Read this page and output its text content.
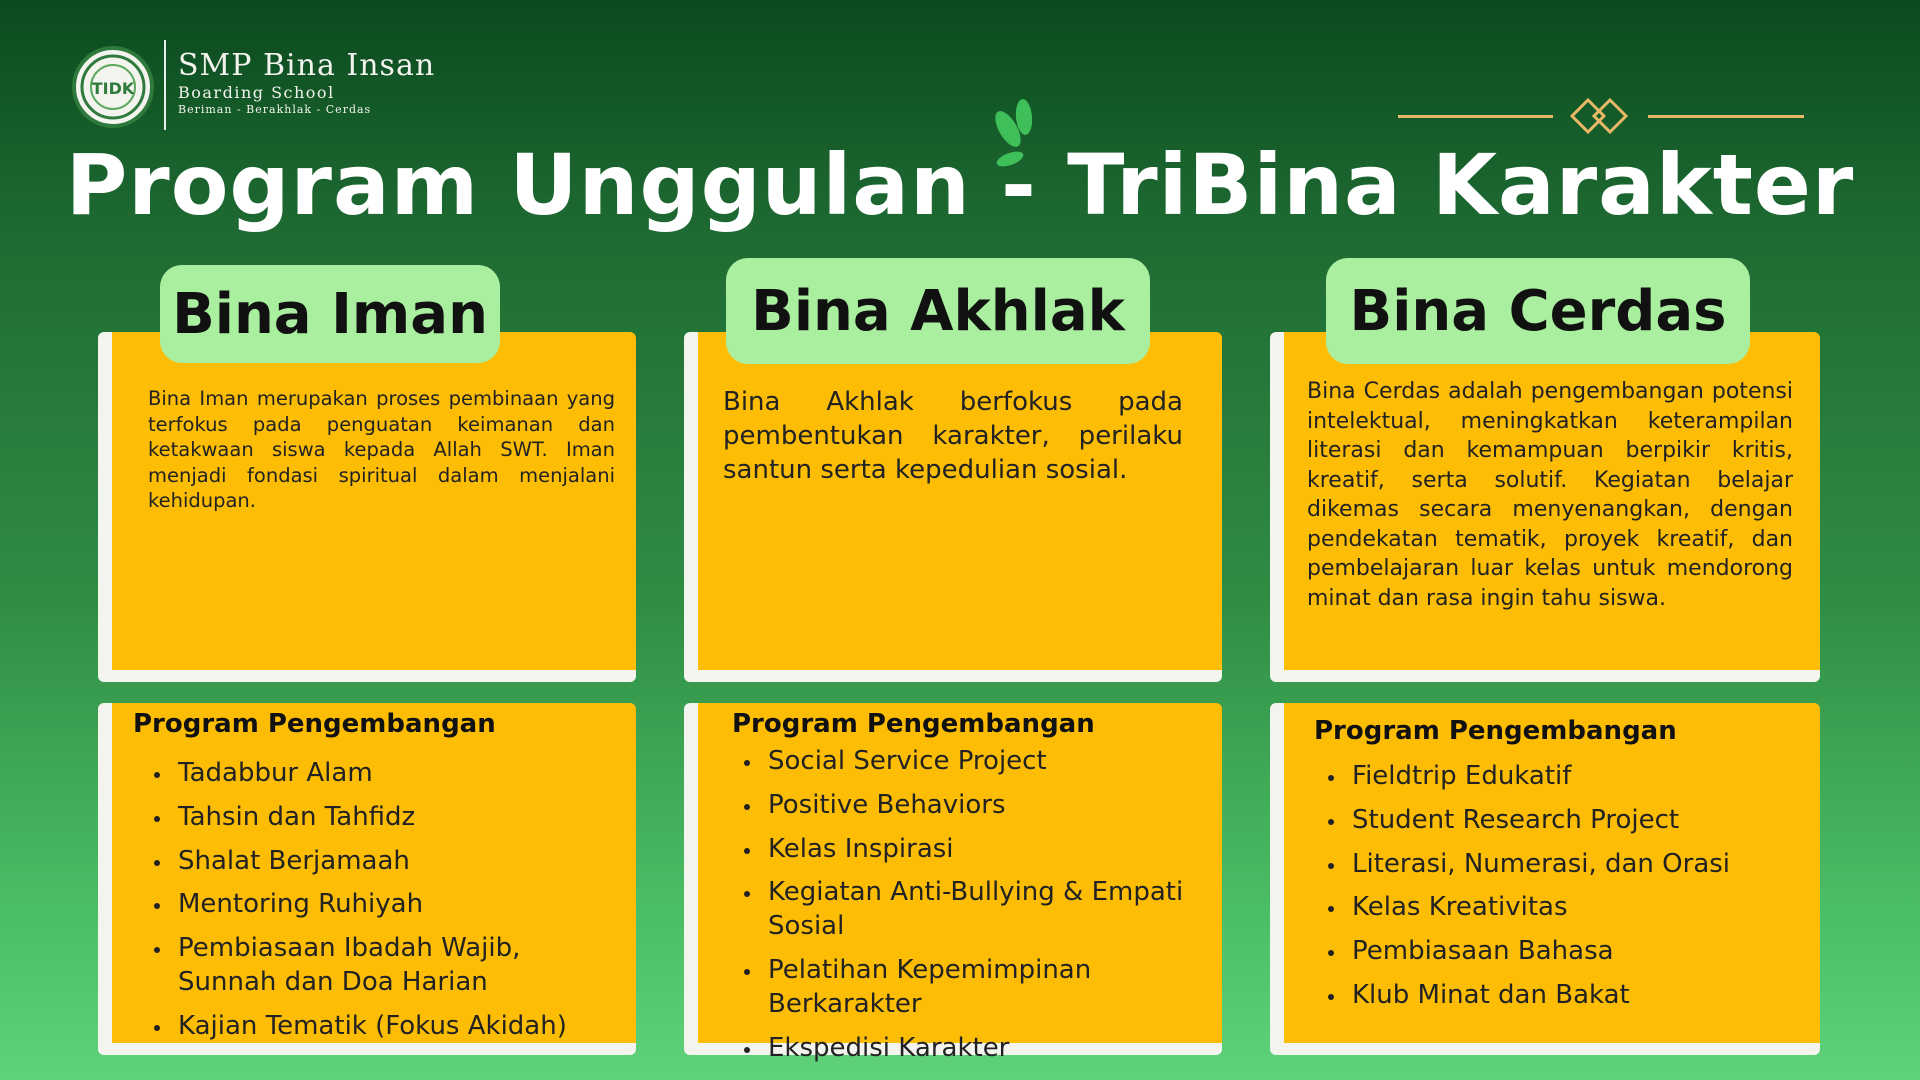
TIDK
SMP Bina Insan
Boarding School
Beriman - Berakhlak - Cerdas
Program Unggulan - TriBina Karakter
Bina Iman
Bina Iman merupakan proses pembinaan yang terfokus pada penguatan keimanan dan ketakwaan siswa kepada Allah SWT. Iman menjadi fondasi spiritual dalam menjalani kehidupan.
Program Pengembangan
Tadabbur Alam
Tahsin dan Tahfidz
Shalat Berjamaah
Mentoring Ruhiyah
Pembiasaan Ibadah Wajib, Sunnah dan Doa Harian
Kajian Tematik (Fokus Akidah)
Bina Akhlak
Bina Akhlak berfokus pada pembentukan karakter, perilaku santun serta kepedulian sosial.
Program Pengembangan
Social Service Project
Positive Behaviors
Kelas Inspirasi
Kegiatan Anti-Bullying & Empati Sosial
Pelatihan Kepemimpinan Berkarakter
Ekspedisi Karakter
Bina Cerdas
Bina Cerdas adalah pengembangan potensi intelektual, meningkatkan keterampilan literasi dan kemampuan berpikir kritis, kreatif, serta solutif. Kegiatan belajar dikemas secara menyenangkan, dengan pendekatan tematik, proyek kreatif, dan pembelajaran luar kelas untuk mendorong minat dan rasa ingin tahu siswa.
Program Pengembangan
Fieldtrip Edukatif
Student Research Project
Literasi, Numerasi, dan Orasi
Kelas Kreativitas
Pembiasaan Bahasa
Klub Minat dan Bakat
